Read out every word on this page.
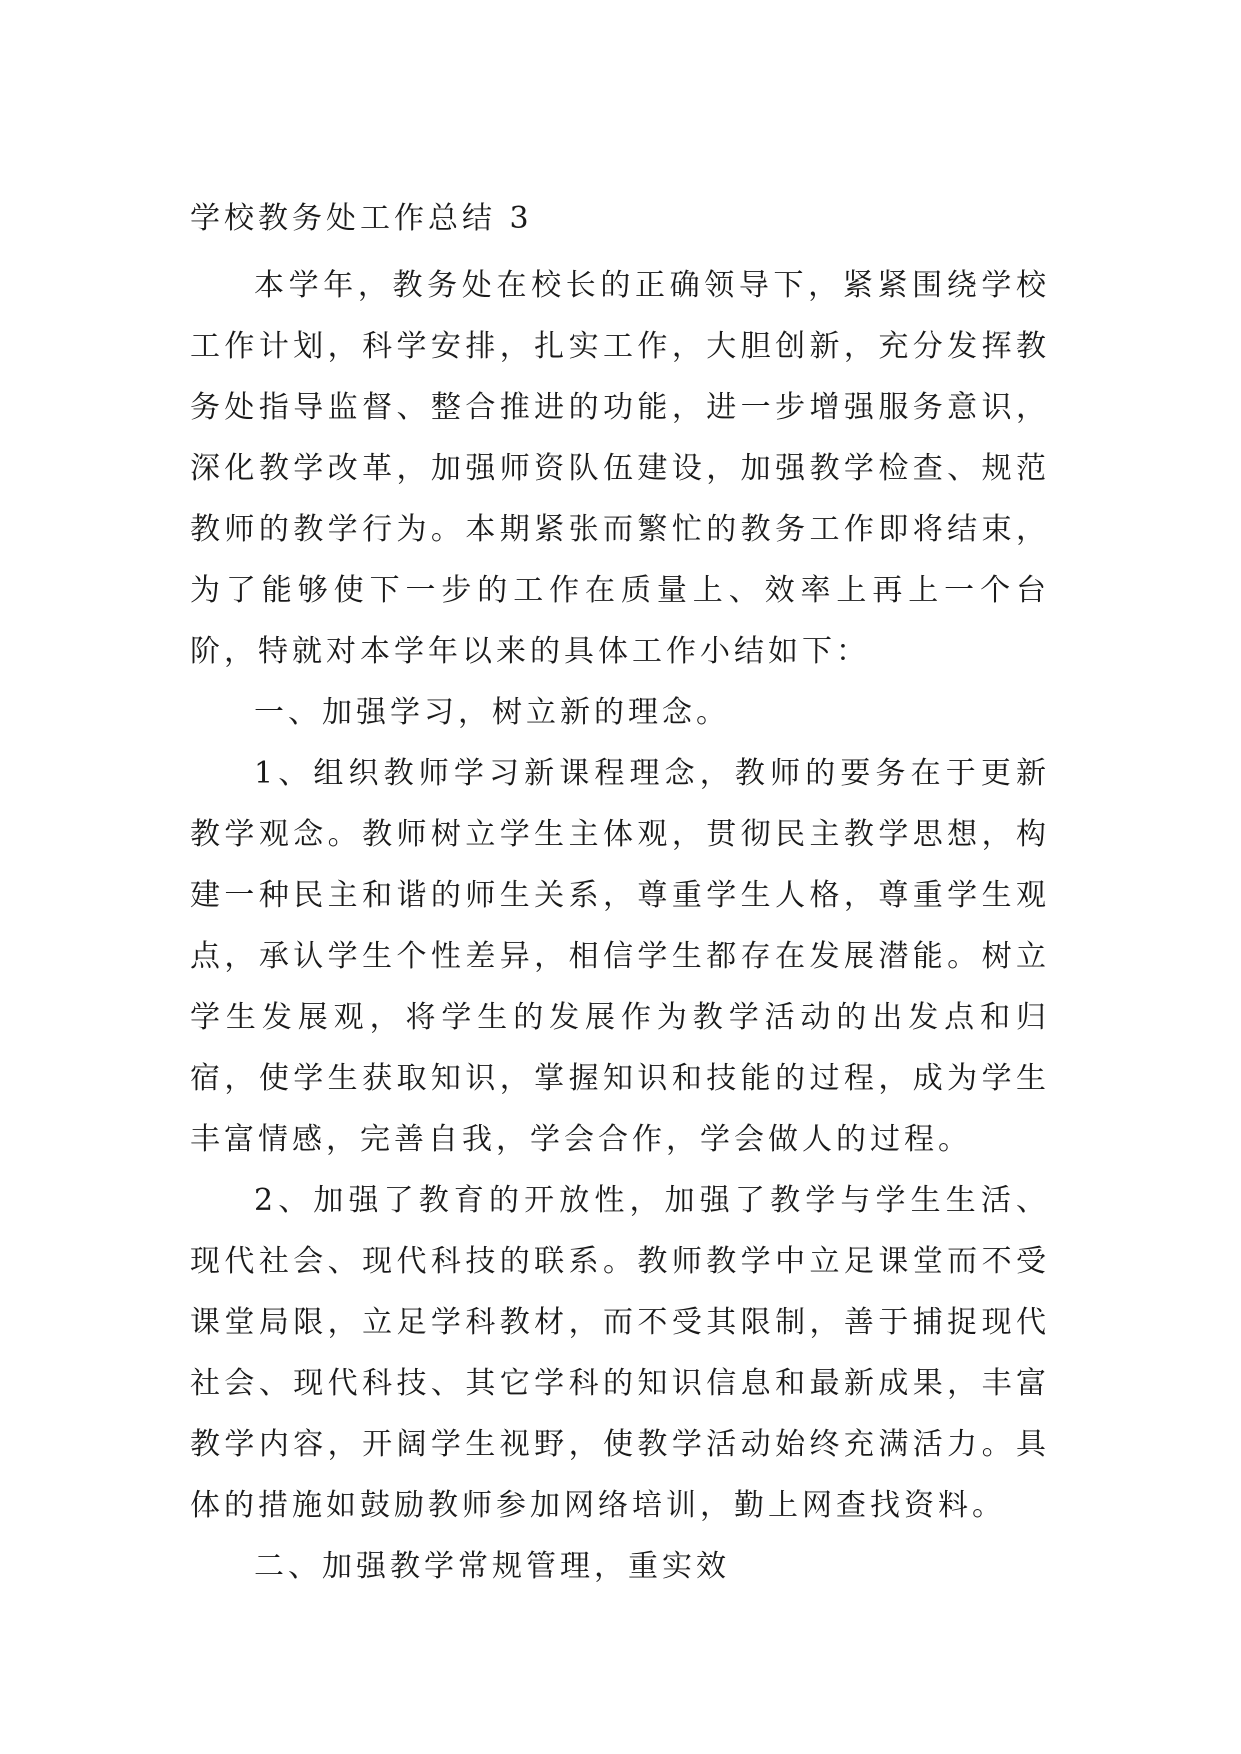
学校教务处工作总结 3

本学年，教务处在校长的正确领导下，紧紧围绕学校工作计划，科学安排，扎实工作，大胆创新，充分发挥教务处指导监督、整合推进的功能，进一步增强服务意识，深化教学改革，加强师资队伍建设，加强教学检查、规范教师的教学行为。本期紧张而繁忙的教务工作即将结束，为了能够使下一步的工作在质量上、效率上再上一个台阶，特就对本学年以来的具体工作小结如下：

一、加强学习，树立新的理念。

1、组织教师学习新课程理念，教师的要务在于更新教学观念。教师树立学生主体观，贯彻民主教学思想，构建一种民主和谐的师生关系，尊重学生人格，尊重学生观点，承认学生个性差异，相信学生都存在发展潜能。树立学生发展观，将学生的发展作为教学活动的出发点和归宿，使学生获取知识，掌握知识和技能的过程，成为学生丰富情感，完善自我，学会合作，学会做人的过程。

2、加强了教育的开放性，加强了教学与学生生活、现代社会、现代科技的联系。教师教学中立足课堂而不受课堂局限，立足学科教材，而不受其限制，善于捕捉现代社会、现代科技、其它学科的知识信息和最新成果，丰富教学内容，开阔学生视野，使教学活动始终充满活力。具体的措施如鼓励教师参加网络培训，勤上网查找资料。

二、加强教学常规管理，重实效
